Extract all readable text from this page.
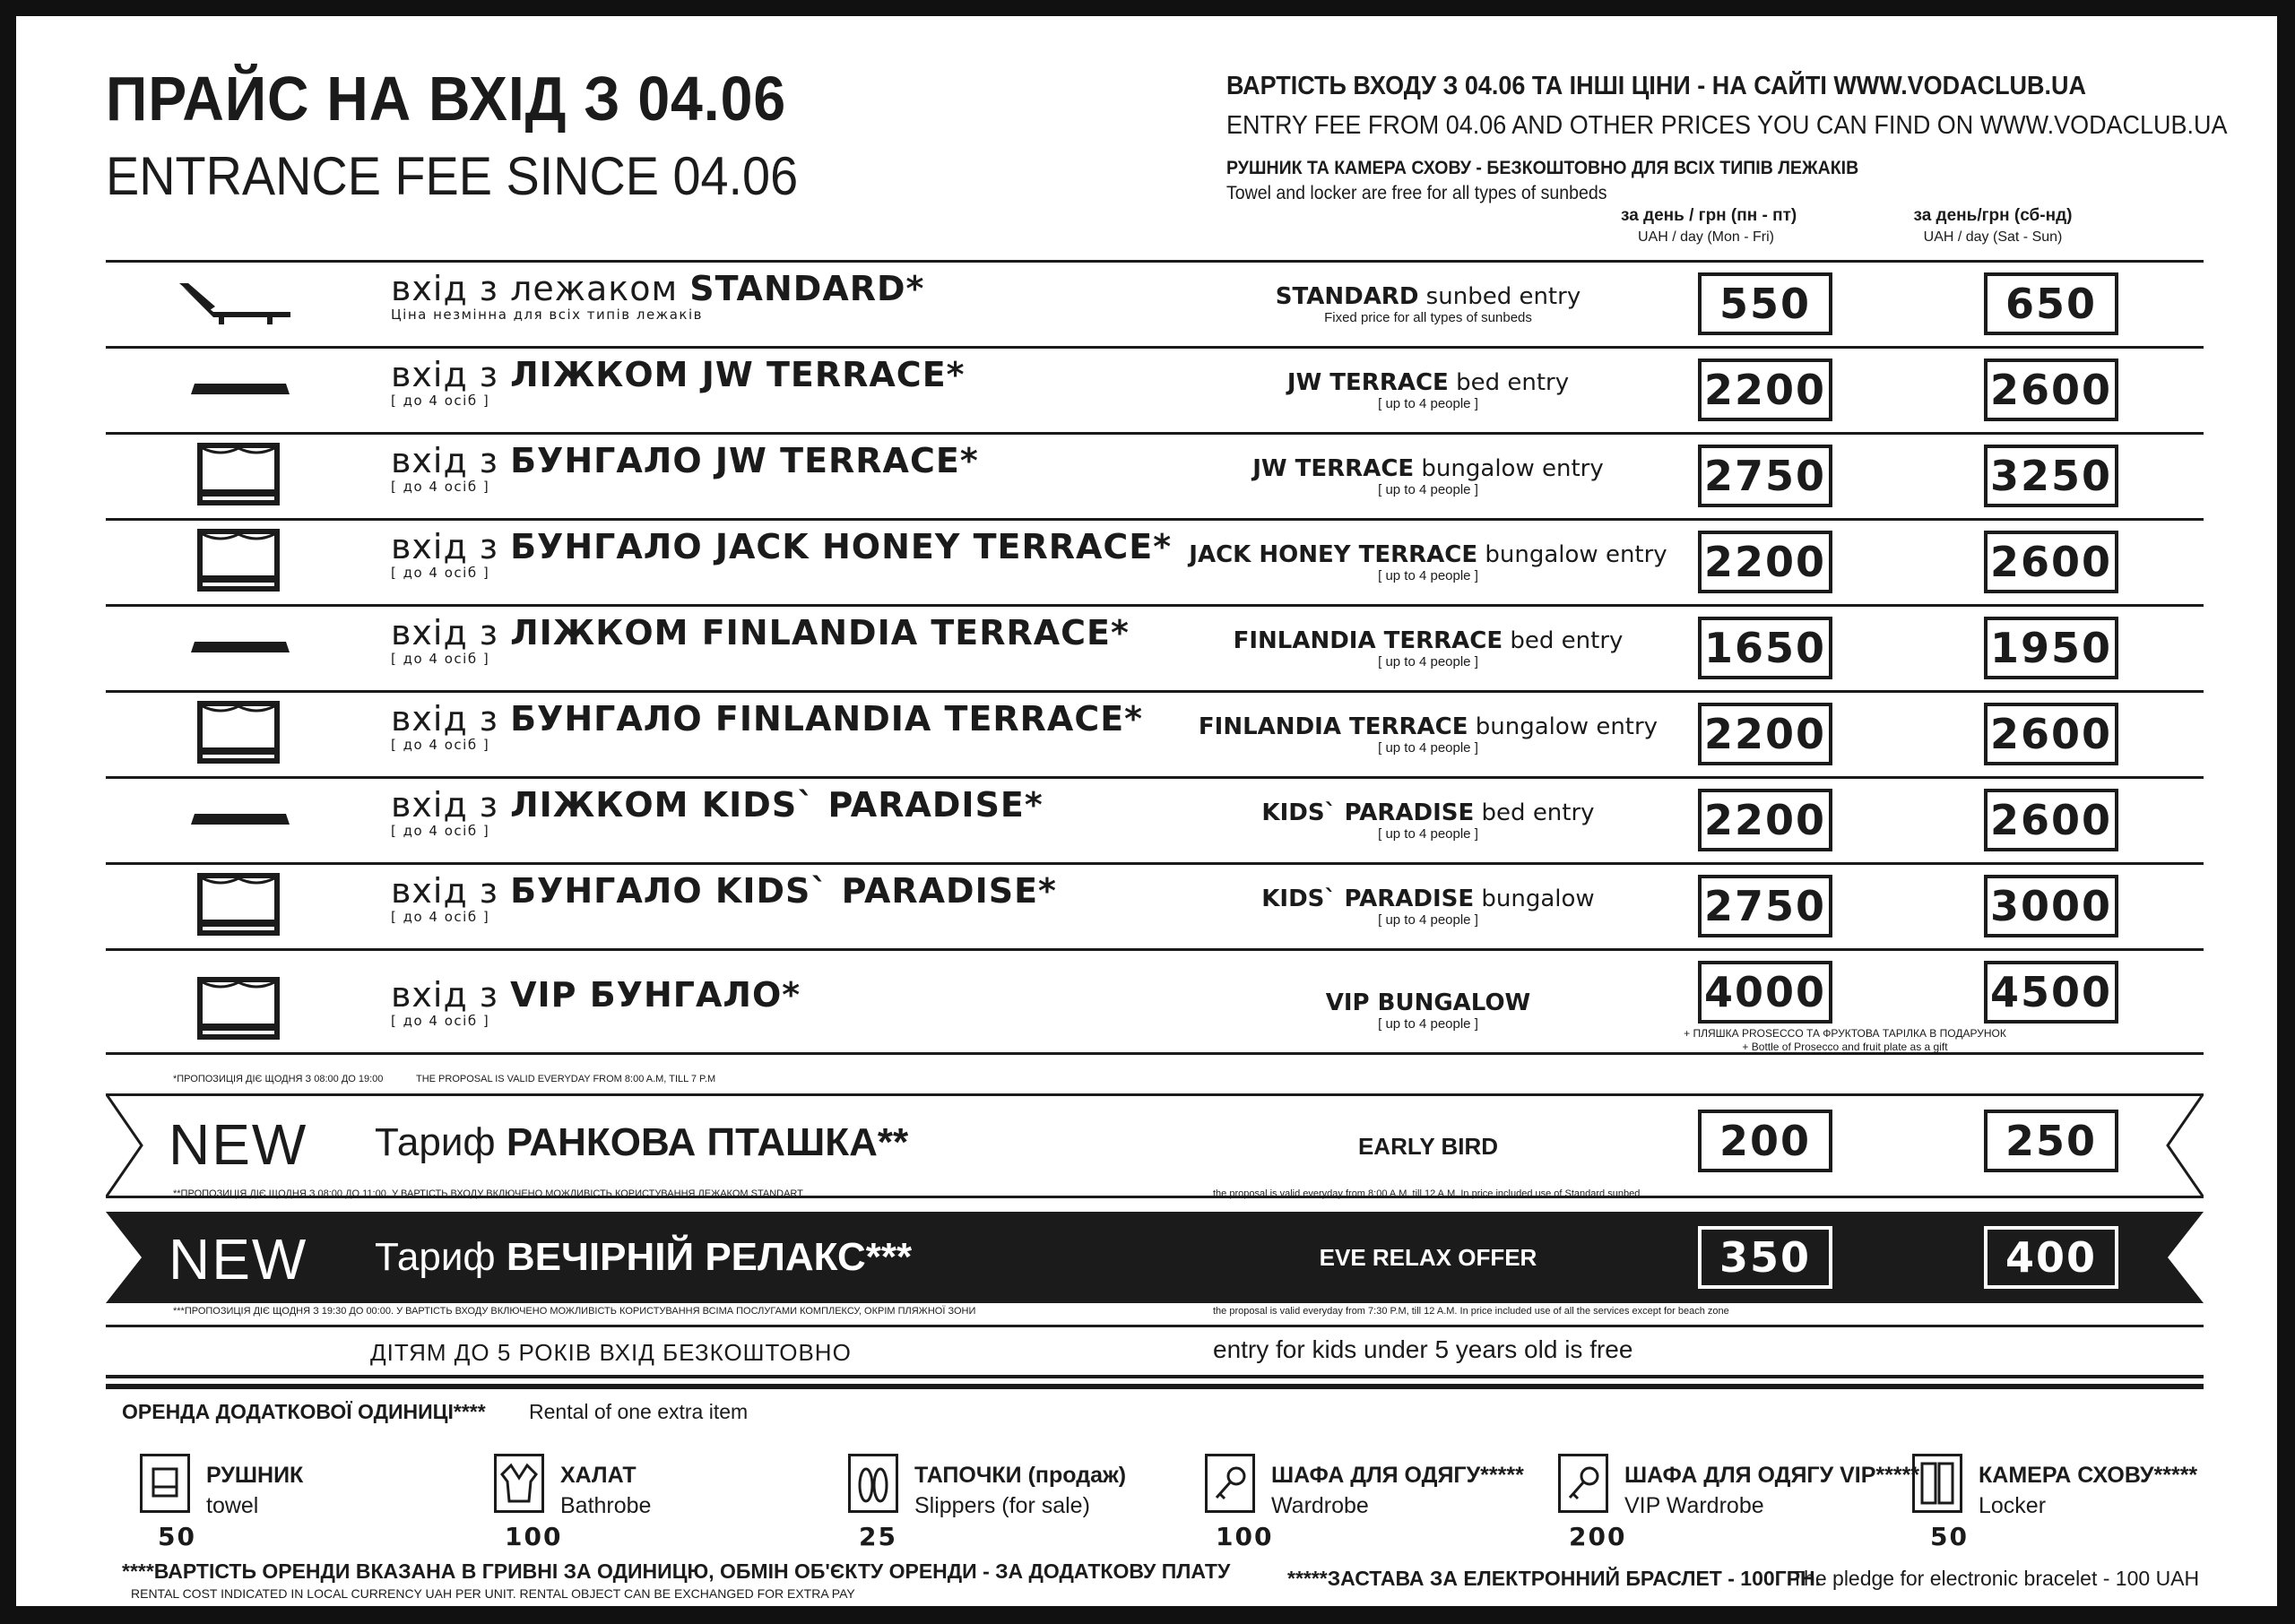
ПРАЙС НА ВХІД З 04.06
ENTRANCE FEE SINCE 04.06
ВАРТІСТЬ ВХОДУ З 04.06 ТА ІНШІ ЦІНИ - НА САЙТІ WWW.VODACLUB.UA
ENTRY FEE FROM 04.06 AND OTHER PRICES YOU CAN FIND ON WWW.VODACLUB.UA
РУШНИК ТА КАМЕРА СХОВУ - БЕЗКОШТОВНО ДЛЯ ВСІХ ТИПІВ ЛЕЖАКІВ
Towel and locker are free for all types of sunbeds
за день / грн (пн - пт)
UAH / day (Mon - Fri)
за день/грн (сб-нд)
UAH / day (Sat - Sun)
вхід з лежаком STANDARD*
Ціна незмінна для всіх типів лежаків
STANDARD sunbed entry
Fixed price for all types of sunbeds	550	650
вхід з ЛІЖКОМ JW TERRACE*
[ до 4 осіб ]
JW TERRACE bed entry
[ up to 4 people ]	2200	2600
вхід з БУНГАЛО JW TERRACE*
[ до 4 осіб ]
JW TERRACE bungalow entry
[ up to 4 people ]	2750	3250
вхід з БУНГАЛО JACK HONEY TERRACE*
[ до 4 осіб ]
JACK HONEY TERRACE bungalow entry
[ up to 4 people ]	2200	2600
вхід з ЛІЖКОМ FINLANDIA TERRACE*
[ до 4 осіб ]
FINLANDIA TERRACE bed entry
[ up to 4 people ]	1650	1950
вхід з БУНГАЛО FINLANDIA TERRACE*
[ до 4 осіб ]
FINLANDIA TERRACE bungalow entry
[ up to 4 people ]	2200	2600
вхід з ЛІЖКОМ KIDS` PARADISE*
[ до 4 осіб ]
KIDS` PARADISE bed entry
[ up to 4 people ]	2200	2600
вхід з БУНГАЛО KIDS` PARADISE*
[ до 4 осіб ]
KIDS` PARADISE bungalow
[ up to 4 people ]	2750	3000
вхід з VIP БУНГАЛО*
[ до 4 осіб ]
VIP BUNGALOW
[ up to 4 people ]
4000	4500
+ ПЛЯШКА PROSECCO ТА ФРУКТОВА ТАРІЛКА В ПОДАРУНОК
+ Bottle of Prosecco and fruit plate as a gift
*ПРОПОЗИЦІЯ ДІЄ ЩОДНЯ З 08:00 ДО 19:00	THE PROPOSAL IS VALID EVERYDAY FROM 8:00 A.M, TILL 7 P.M
NEW Тариф РАНКОВА ПТАШКА**	EARLY BIRD	200	250
**ПРОПОЗИЦІЯ ДІЄ ЩОДНЯ З 08:00 ДО 11:00. У ВАРТІСТЬ ВХОДУ ВКЛЮЧЕНО МОЖЛИВІСТЬ КОРИСТУВАННЯ ЛЕЖАКОМ STANDART	the proposal is valid everyday from 8:00 A.M, till 12 A.M. In price included use of Standard sunbed
NEW Тариф ВЕЧІРНІЙ РЕЛАКС***	EVE RELAX OFFER	350	400
***ПРОПОЗИЦІЯ ДІЄ ЩОДНЯ З 19:30 ДО 00:00. У ВАРТІСТЬ ВХОДУ ВКЛЮЧЕНО МОЖЛИВІСТЬ КОРИСТУВАННЯ ВСІМА ПОСЛУГАМИ КОМПЛЕКСУ, ОКРІМ ПЛЯЖНОЇ ЗОНИ	the proposal is valid everyday from 7:30 P.M, till 12 A.M. In price included use of all the services except for beach zone
ДІТЯМ ДО 5 РОКІВ ВХІД БЕЗКОШТОВНО	entry for kids under 5 years old is free
ОРЕНДА ДОДАТКОВОЇ ОДИНИЦІ**** Rental of one extra item
РУШНИК
towel
50
ХАЛАТ
Bathrobe
100
ТАПОЧКИ (продаж)
Slippers (for sale)
25
ШАФА ДЛЯ ОДЯГУ*****
Wardrobe
100
ШАФА ДЛЯ ОДЯГУ VIP*****
VIP Wardrobe
200
КАМЕРА СХОВУ*****
Locker
50
****ВАРТІСТЬ ОРЕНДИ ВКАЗАНА В ГРИВНІ ЗА ОДИНИЦЮ, ОБМІН ОБ'ЄКТУ ОРЕНДИ - ЗА ДОДАТКОВУ ПЛАТУ
RENTAL COST INDICATED IN LOCAL CURRENCY UAH PER UNIT. RENTAL OBJECT CAN BE EXCHANGED FOR EXTRA PAY
*****ЗАСТАВА ЗА ЕЛЕКТРОННИЙ БРАСЛЕТ - 100ГРН.
The pledge for electronic bracelet - 100 UAH
